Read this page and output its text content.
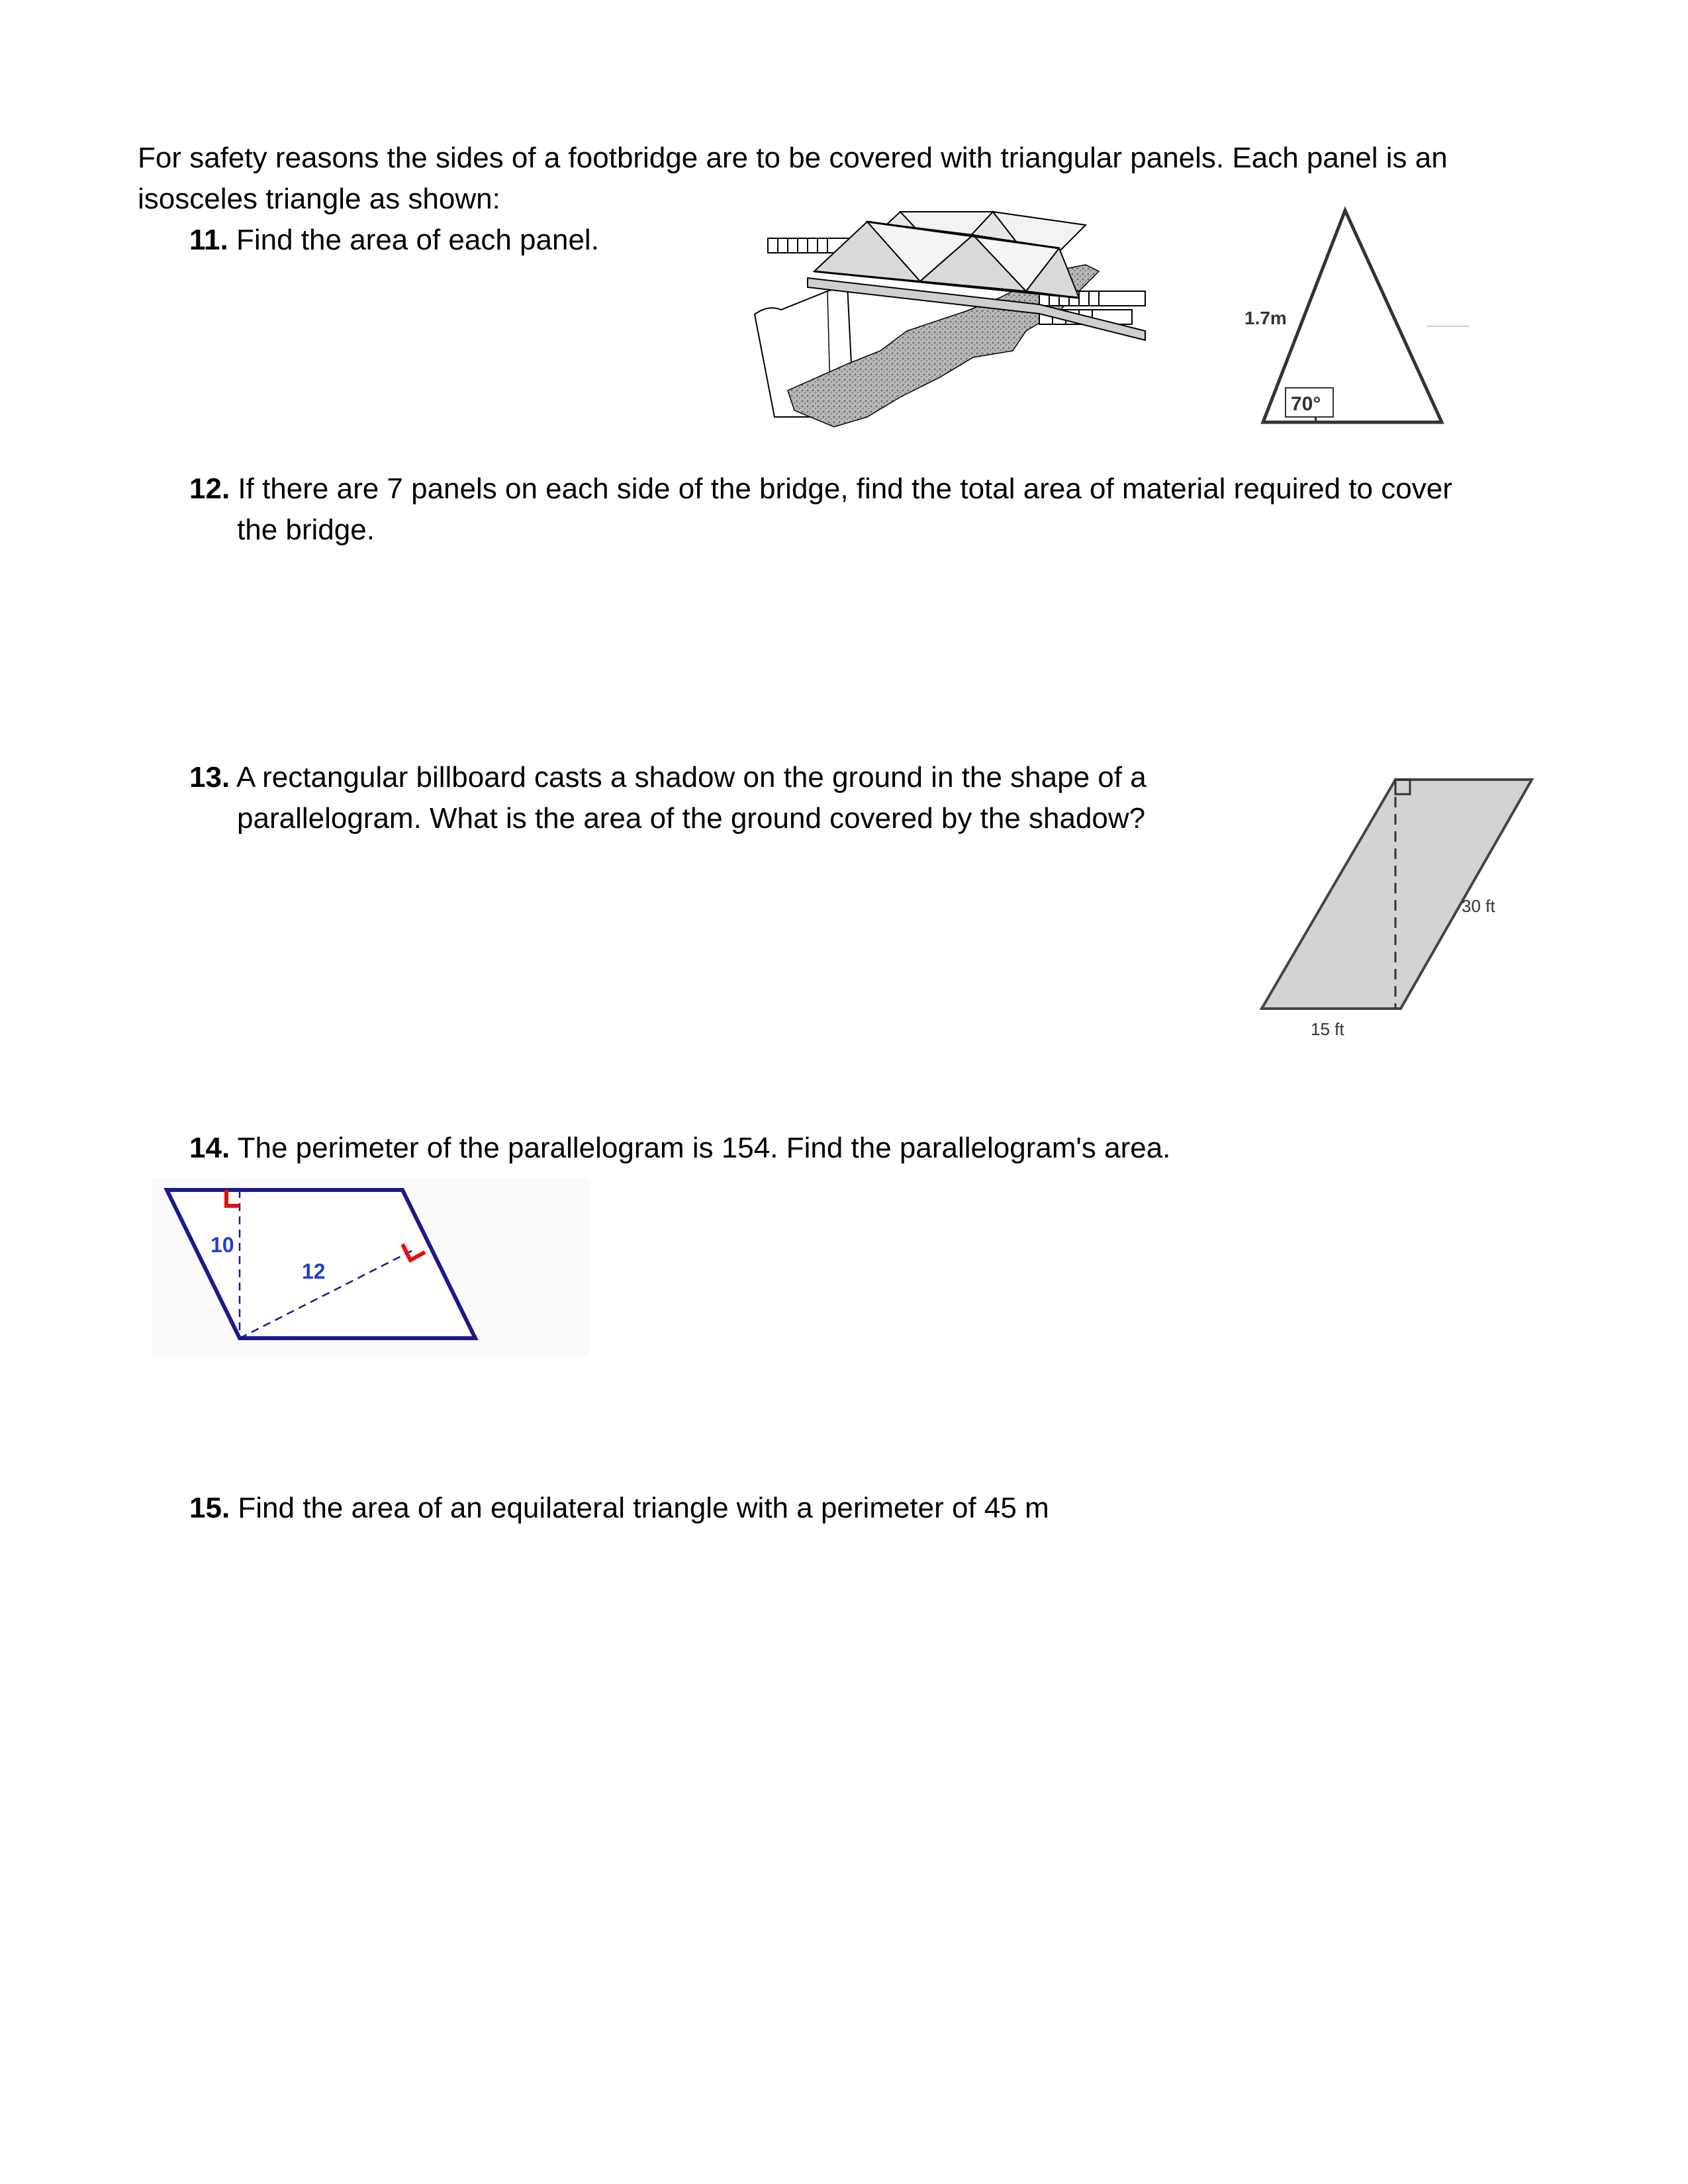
For safety reasons the sides of a footbridge are to be covered with triangular panels. Each panel is an
isosceles triangle as shown:
11. Find the area of each panel.
1.7m
70°
12. If there are 7 panels on each side of the bridge, find the total area of material required to cover
the bridge.
13. A rectangular billboard casts a shadow on the ground in the shape of a
parallelogram. What is the area of the ground covered by the shadow?
30 ft
15 ft
14. The perimeter of the parallelogram is 154. Find the parallelogram's area.
10
12
15. Find the area of an equilateral triangle with a perimeter of 45 m
